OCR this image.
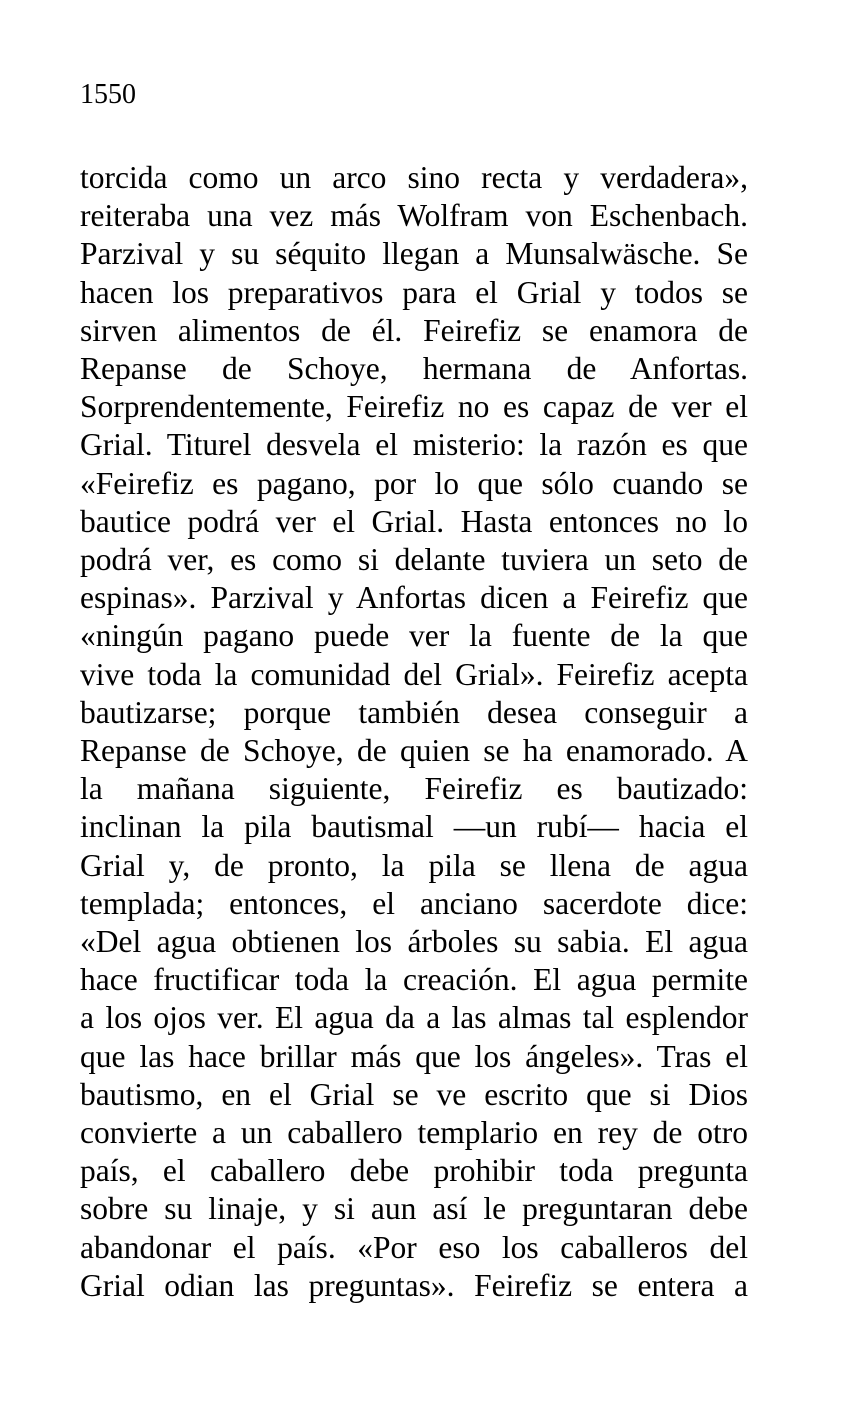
1550

torcida como un arco sino recta y verdadera»,
reiteraba una vez más Wolfram von Eschenbach.
Parzival y su séquito llegan a Munsalwäsche. Se
hacen los preparativos para el Grial y todos se
sirven alimentos de él. Feirefiz se enamora de
Repanse de Schoye, hermana de Anfortas.
Sorprendentemente, Feirefiz no es capaz de ver el
Grial. Titurel desvela el misterio: la razón es que
«Feirefiz es pagano, por lo que sólo cuando se
bautice podrá ver el Grial. Hasta entonces no lo
podrá ver, es como si delante tuviera un seto de
espinas». Parzival y Anfortas dicen a Feirefiz que
«ningún pagano puede ver la fuente de la que
vive toda la comunidad del Grial». Feirefiz acepta
bautizarse; porque también desea conseguir a
Repanse de Schoye, de quien se ha enamorado. A
la mañana siguiente, Feirefiz es bautizado:
inclinan la pila bautismal —un rubí— hacia el
Grial y, de pronto, la pila se llena de agua
templada; entonces, el anciano sacerdote dice:
«Del agua obtienen los árboles su sabia. El agua
hace fructificar toda la creación. El agua permite
a los ojos ver. El agua da a las almas tal esplendor
que las hace brillar más que los ángeles». Tras el
bautismo, en el Grial se ve escrito que si Dios
convierte a un caballero templario en rey de otro
país, el caballero debe prohibir toda pregunta
sobre su linaje, y si aun así le preguntaran debe
abandonar el país. «Por eso los caballeros del
Grial odian las preguntas». Feirefiz se entera a
